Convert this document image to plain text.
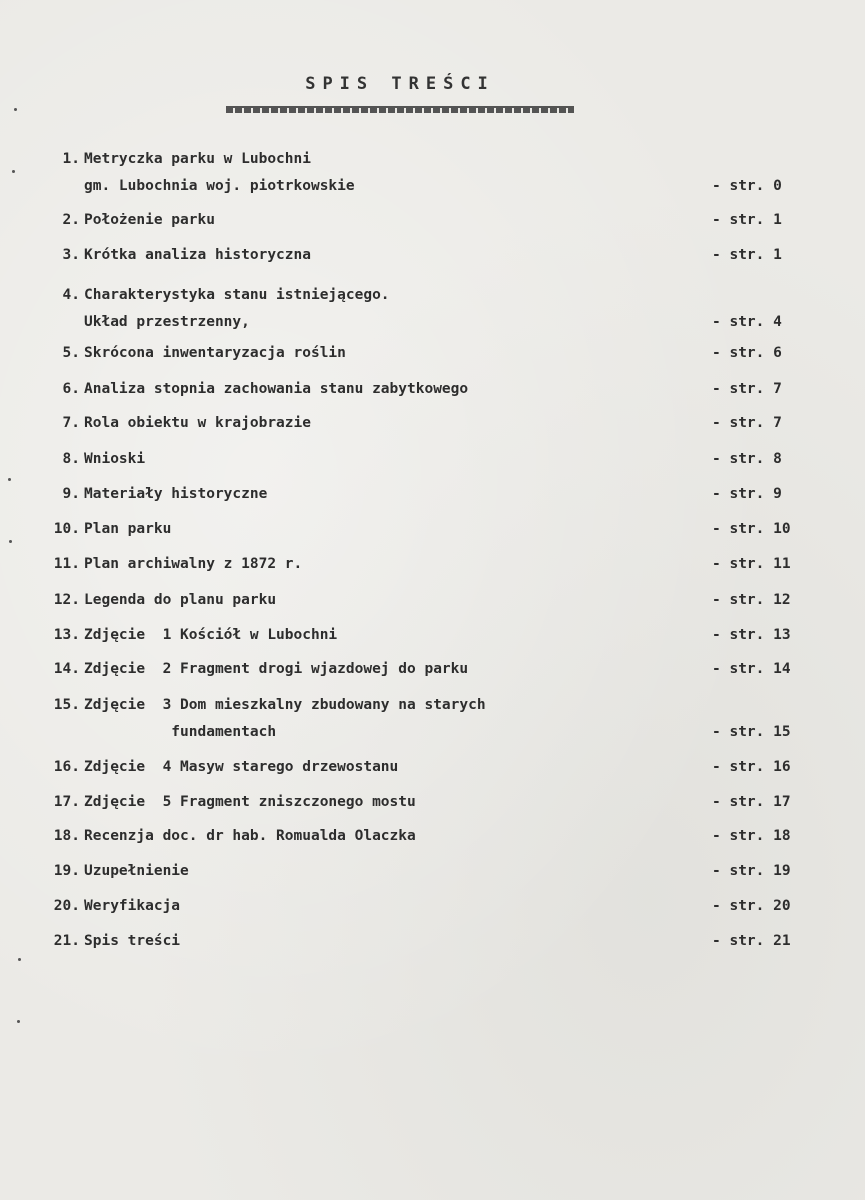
SPIS TREŚCI
1. Metryczka parku w Lubochni
gm. Lubochnia woj. piotrkowskie	- str. 0
2. Położenie parku	- str. 1
3. Krótka analiza historyczna	- str. 1
4. Charakterystyka stanu istniejącego.
Układ przestrzenny,	- str. 4
5. Skrócona inwentaryzacja roślin	- str. 6
6. Analiza stopnia zachowania stanu zabytkowego	- str. 7
7. Rola obiektu w krajobrazie	- str. 7
8. Wnioski	- str. 8
9. Materiały historyczne	- str. 9
10. Plan parku	- str. 10
11. Plan archiwalny z 1872 r.	- str. 11
12. Legenda do planu parku	- str. 12
13. Zdjęcie  1 Kościół w Lubochni	- str. 13
14. Zdjęcie  2 Fragment drogi wjazdowej do parku	- str. 14
15. Zdjęcie  3 Dom mieszkalny zbudowany na starych
fundamentach	- str. 15
16. Zdjęcie  4 Masyw starego drzewostanu	- str. 16
17. Zdjęcie  5 Fragment zniszczonego mostu	- str. 17
18. Recenzja doc. dr hab. Romualda Olaczka	- str. 18
19. Uzupełnienie	- str. 19
20. Weryfikacja	- str. 20
21. Spis treści	- str. 21
